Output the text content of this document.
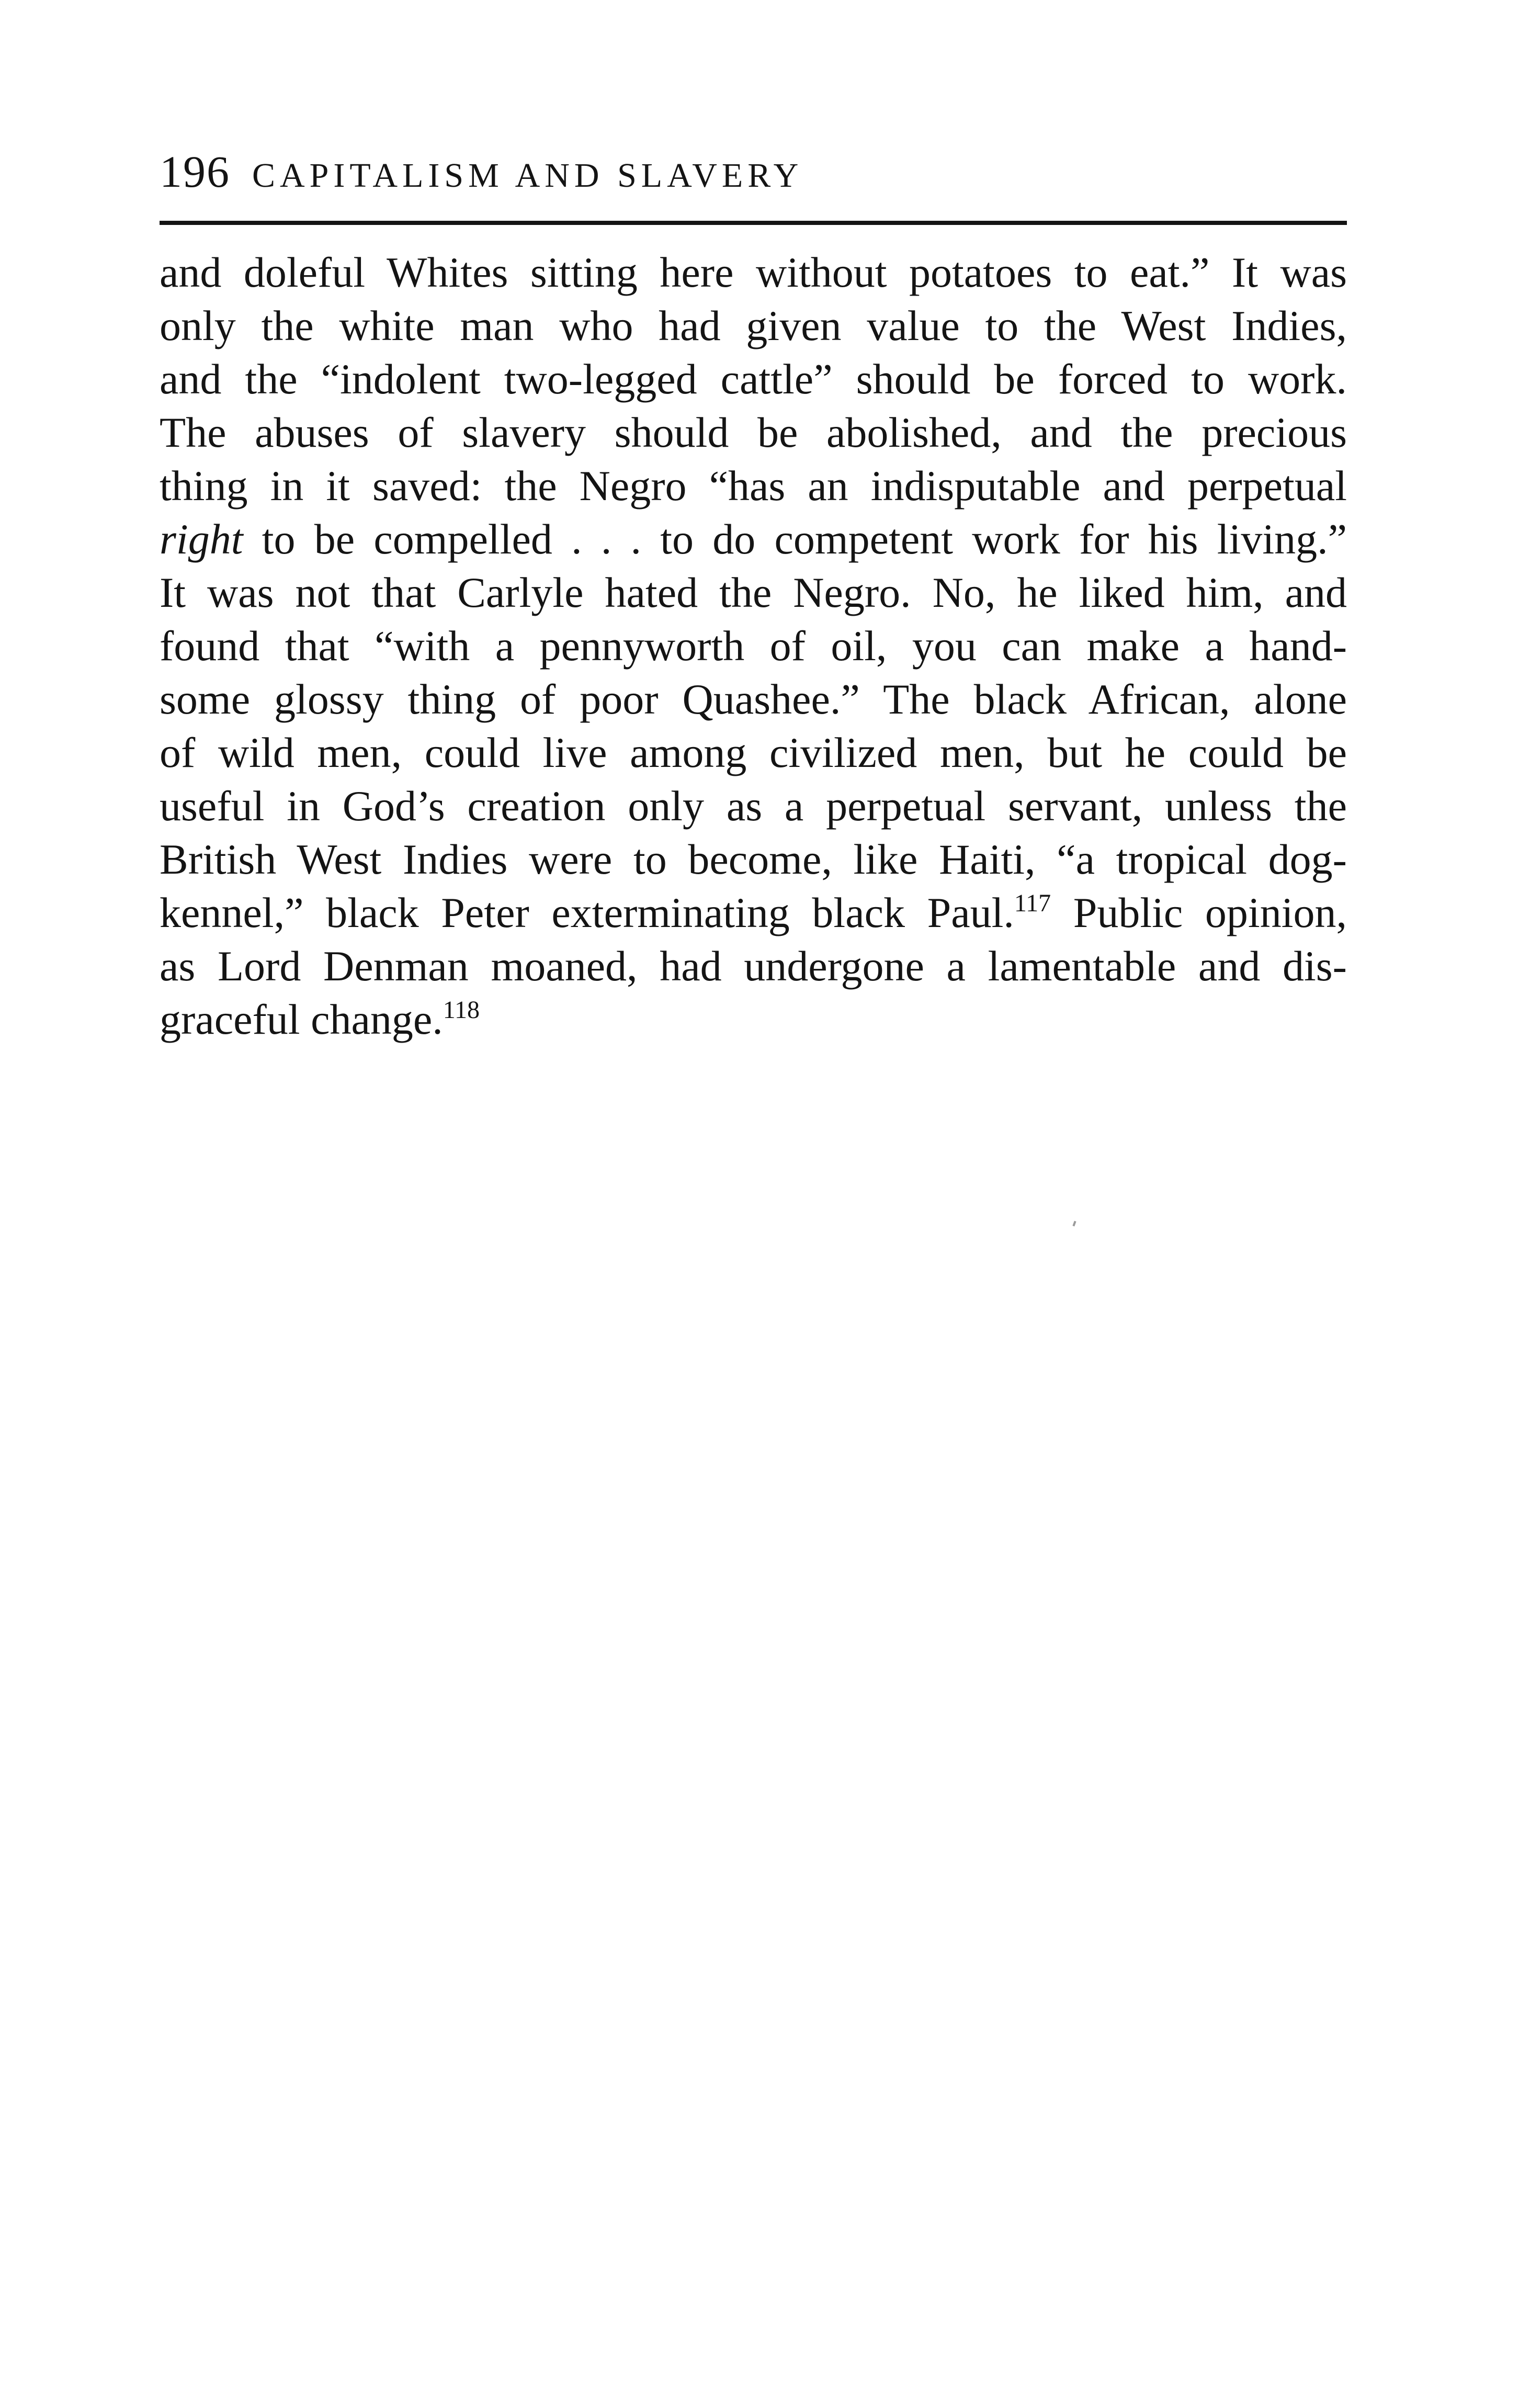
196 CAPITALISM AND SLAVERY
and doleful Whites sitting here without potatoes to eat.” It was
only the white man who had given value to the West Indies,
and the “indolent two-legged cattle” should be forced to work.
The abuses of slavery should be abolished, and the precious
thing in it saved: the Negro “has an indisputable and perpetual
right to be compelled . . . to do competent work for his living.”
It was not that Carlyle hated the Negro. No, he liked him, and
found that “with a pennyworth of oil, you can make a hand-
some glossy thing of poor Quashee.” The black African, alone
of wild men, could live among civilized men, but he could be
useful in God’s creation only as a perpetual servant, unless the
British West Indies were to become, like Haiti, “a tropical dog-
kennel,” black Peter exterminating black Paul.$^{117}$ Public opinion,
as Lord Denman moaned, had undergone a lamentable and dis-
graceful change.$^{118}$
